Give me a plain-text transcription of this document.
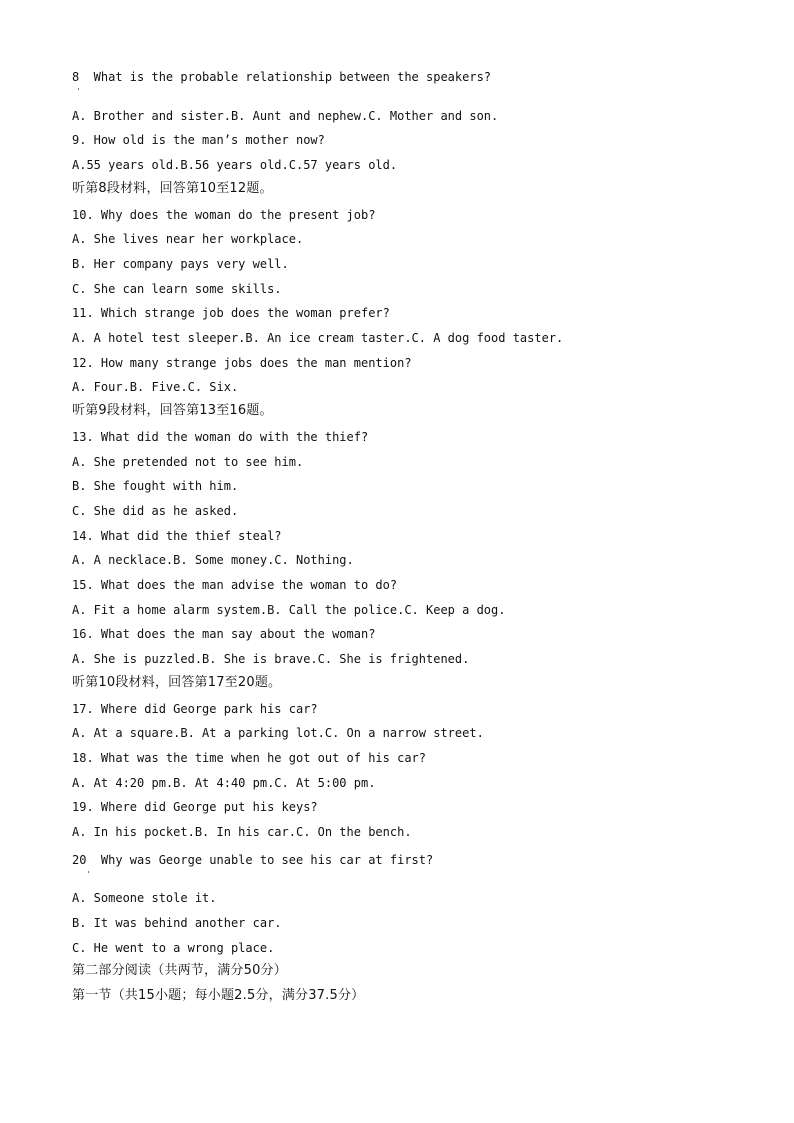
8  What is the probable relationship between the speakers?
'
A. Brother and sister.B. Aunt and nephew.C. Mother and son.
9. How old is the man’s mother now?
A.55 years old.B.56 years old.C.57 years old.
听第8段材料，回答第10至12题。
10. Why does the woman do the present job?
A. She lives near her workplace.
B. Her company pays very well.
C. She can learn some skills.
11. Which strange job does the woman prefer?
A. A hotel test sleeper.B. An ice cream taster.C. A dog food taster.
12. How many strange jobs does the man mention?
A. Four.B. Five.C. Six.
听第9段材料，回答第13至16题。
13. What did the woman do with the thief?
A. She pretended not to see him.
B. She fought with him.
C. She did as he asked.
14. What did the thief steal?
A. A necklace.B. Some money.C. Nothing.
15. What does the man advise the woman to do?
A. Fit a home alarm system.B. Call the police.C. Keep a dog.
16. What does the man say about the woman?
A. She is puzzled.B. She is brave.C. She is frightened.
听第10段材料，回答第17至20题。
17. Where did George park his car?
A. At a square.B. At a parking lot.C. On a narrow street.
18. What was the time when he got out of his car?
A. At 4:20 pm.B. At 4:40 pm.C. At 5:00 pm.
19. Where did George put his keys?
A. In his pocket.B. In his car.C. On the bench.
20  Why was George unable to see his car at first?
'
A. Someone stole it.
B. It was behind another car.
C. He went to a wrong place.
第二部分阅读（共两节，满分50分）
第一节（共15小题；每小题2.5分，满分37.5分）
